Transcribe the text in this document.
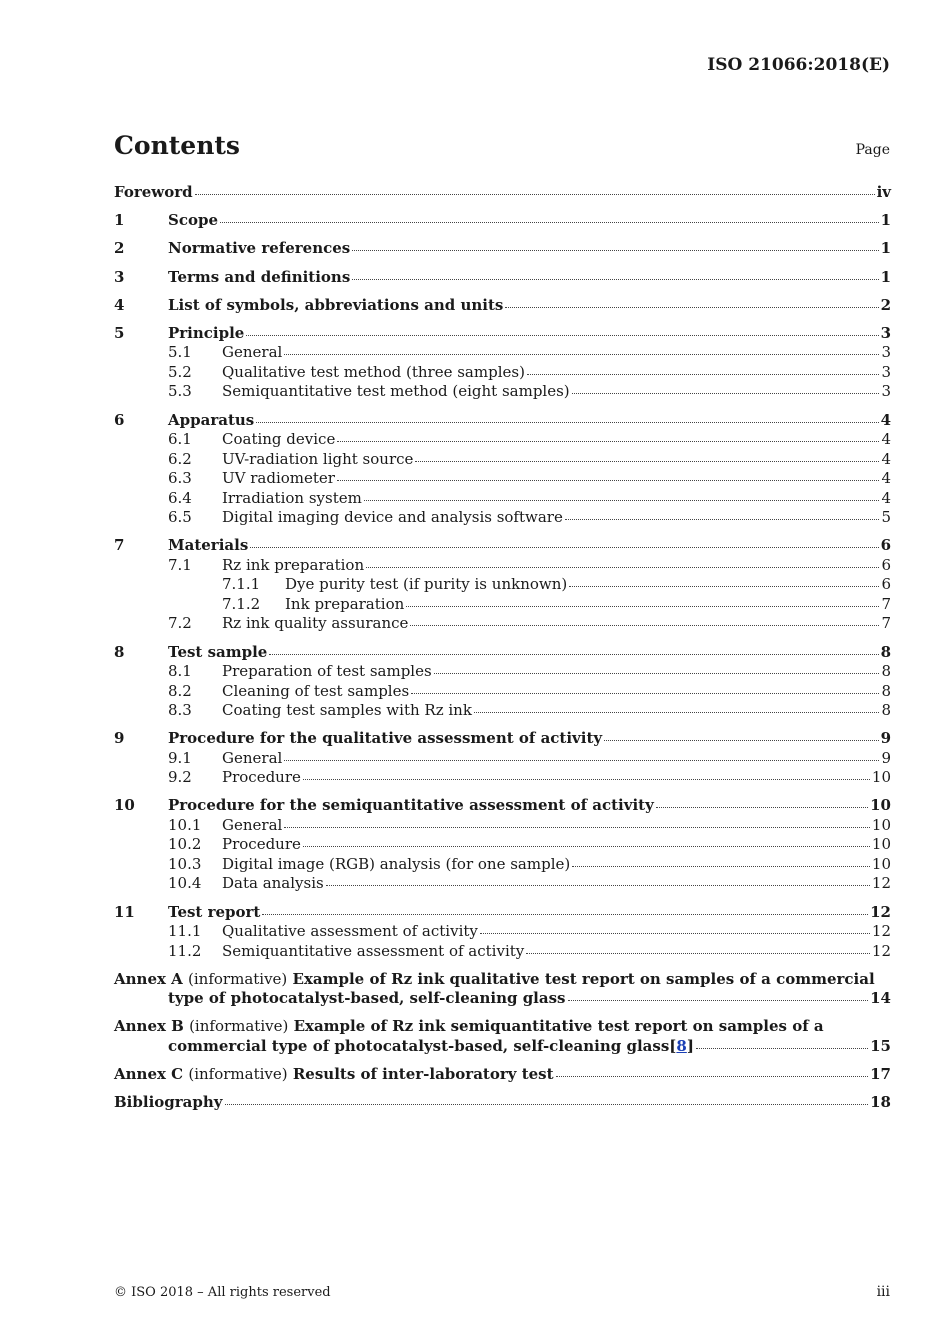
ISO 21066:2018(E)
Contents	Page
Foreword	iv
1	Scope	1
2	Normative references	1
3	Terms and definitions	1
4	List of symbols, abbreviations and units	2
5	Principle	3
5.1	General	3
5.2	Qualitative test method (three samples)	3
5.3	Semiquantitative test method (eight samples)	3
6	Apparatus	4
6.1	Coating device	4
6.2	UV-radiation light source	4
6.3	UV radiometer	4
6.4	Irradiation system	4
6.5	Digital imaging device and analysis software	5
7	Materials	6
7.1	Rz ink preparation	6
7.1.1	Dye purity test (if purity is unknown)	6
7.1.2	Ink preparation	7
7.2	Rz ink quality assurance	7
8	Test sample	8
8.1	Preparation of test samples	8
8.2	Cleaning of test samples	8
8.3	Coating test samples with Rz ink	8
9	Procedure for the qualitative assessment of activity	9
9.1	General	9
9.2	Procedure	10
10	Procedure for the semiquantitative assessment of activity	10
10.1	General	10
10.2	Procedure	10
10.3	Digital image (RGB) analysis (for one sample)	10
10.4	Data analysis	12
11	Test report	12
11.1	Qualitative assessment of activity	12
11.2	Semiquantitative assessment of activity	12
Annex A (informative) Example of Rz ink qualitative test report on samples of a commercial
type of photocatalyst-based, self-cleaning glass	14
Annex B (informative) Example of Rz ink semiquantitative test report on samples of a
commercial type of photocatalyst-based, self-cleaning glass[8]	15
Annex C (informative) Results of inter-laboratory test	17
Bibliography	18
© ISO 2018 – All rights reserved	iii
